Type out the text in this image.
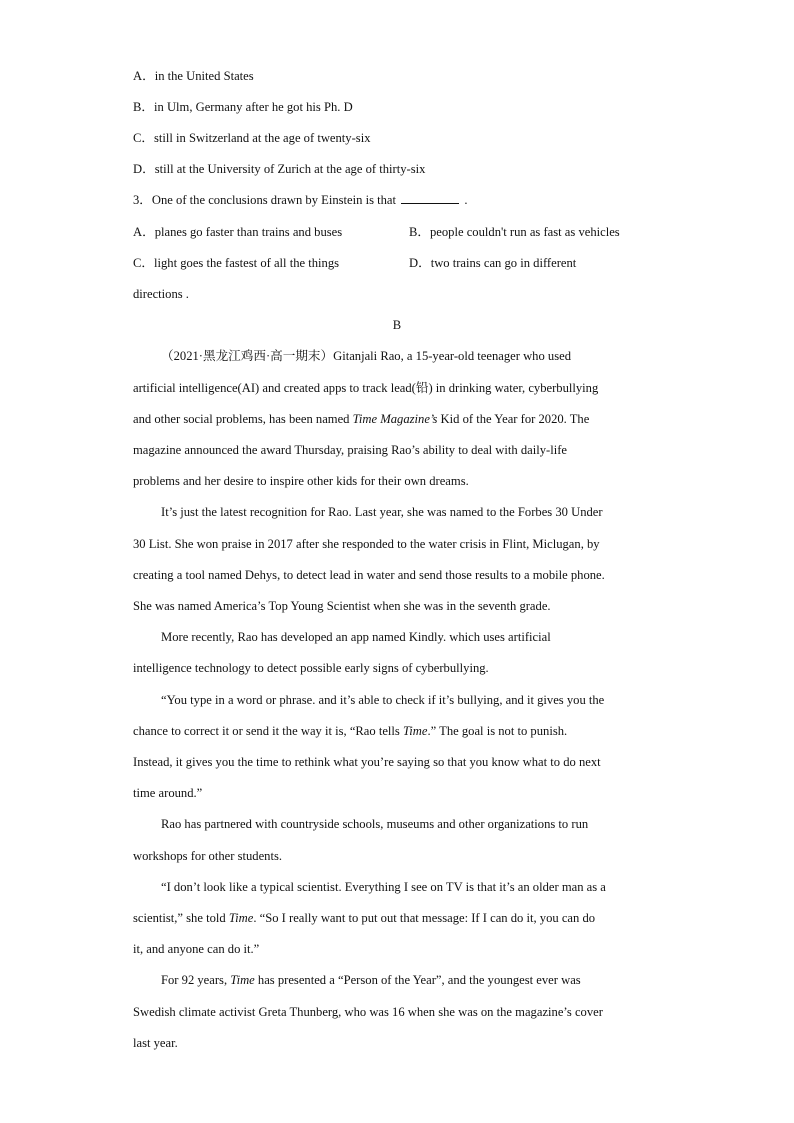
A．in the United States
B．in Ulm, Germany after he got his Ph. D
C．still in Switzerland at the age of twenty-six
D．still at the University of Zurich at the age of thirty-six
3．One of the conclusions drawn by Einstein is that	.
A．planes go faster than trains and buses	B．people couldn't run as fast as vehicles
C．light goes the fastest of all the things	D．two trains can go in different
directions .
B
（2021·黑龙江鸡西·高一期末）Gitanjali Rao, a 15-year-old teenager who used
artificial intelligence(AI) and created apps to track lead(铅) in drinking water, cyberbullying
and other social problems, has been named Time Magazine’s Kid of the Year for 2020. The
magazine announced the award Thursday, praising Rao’s ability to deal with daily-life
problems and her desire to inspire other kids for their own dreams.
It’s just the latest recognition for Rao. Last year, she was named to the Forbes 30 Under
30 List. She won praise in 2017 after she responded to the water crisis in Flint, Miclugan, by
creating a tool named Dehys, to detect lead in water and send those results to a mobile phone.
She was named America’s Top Young Scientist when she was in the seventh grade.
More recently, Rao has developed an app named Kindly. which uses artificial
intelligence technology to detect possible early signs of cyberbullying.
“You type in a word or phrase. and it’s able to check if it’s bullying, and it gives you the
chance to correct it or send it the way it is, “Rao tells Time.” The goal is not to punish.
Instead, it gives you the time to rethink what you’re saying so that you know what to do next
time around.”
Rao has partnered with countryside schools, museums and other organizations to run
workshops for other students.
“I don’t look like a typical scientist. Everything I see on TV is that it’s an older man as a
scientist,” she told Time. “So I really want to put out that message: If I can do it, you can do
it, and anyone can do it.”
For 92 years, Time has presented a “Person of the Year”, and the youngest ever was
Swedish climate activist Greta Thunberg, who was 16 when she was on the magazine’s cover
last year.
